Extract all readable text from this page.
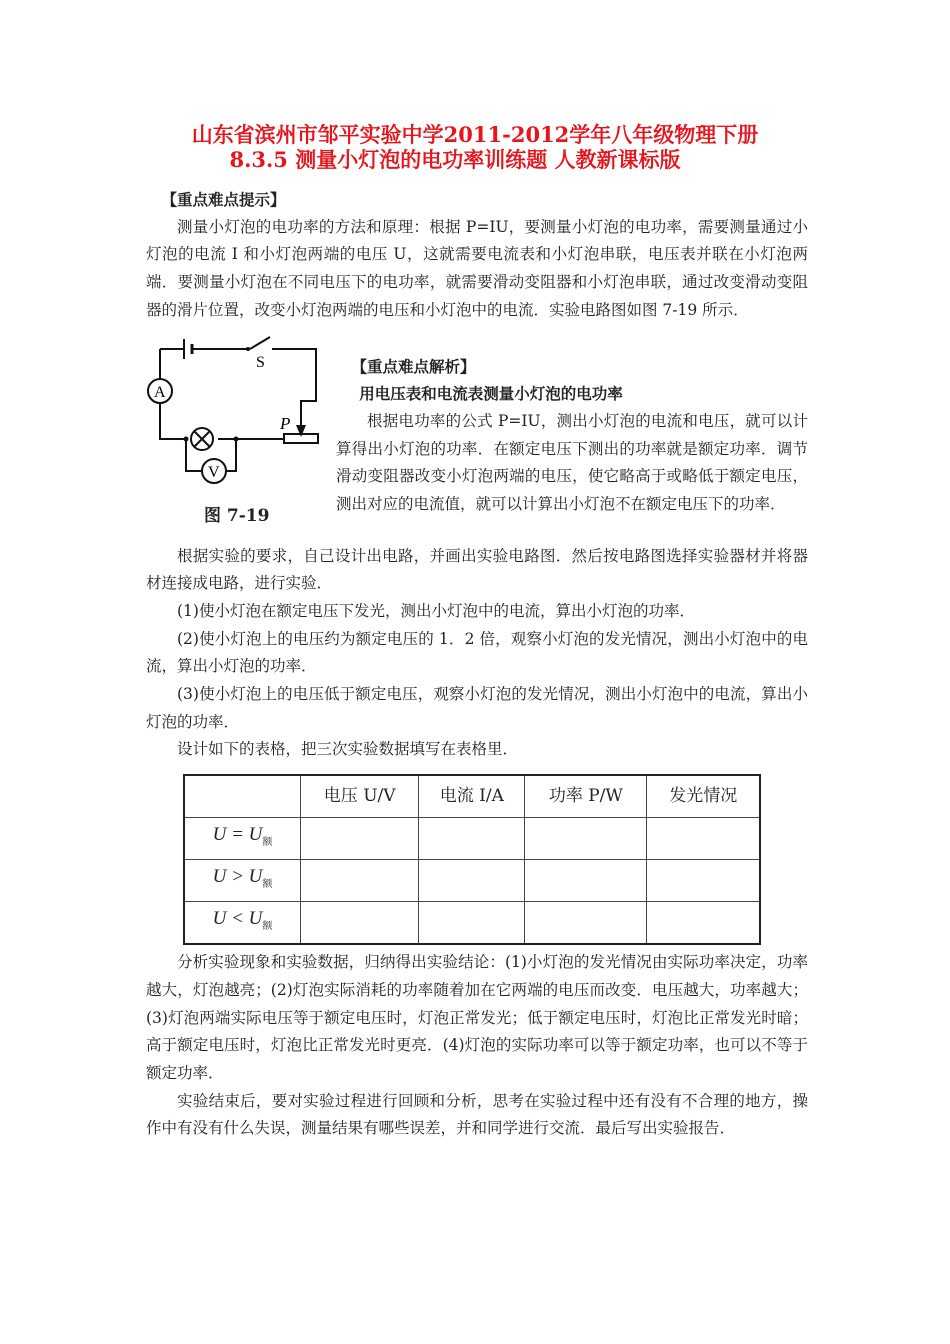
山东省滨州市邹平实验中学2011-2012学年八年级物理下册
8.3.5 测量小灯泡的电功率训练题 人教新课标版

【重点难点提示】

测量小灯泡的电功率的方法和原理：根据 P=IU，要测量小灯泡的电功率，需要测量通过小灯泡的电流 I 和小灯泡两端的电压 U，这就需要电流表和小灯泡串联，电压表并联在小灯泡两端．要测量小灯泡在不同电压下的电功率，就需要滑动变阻器和小灯泡串联，通过改变滑动变阻器的滑片位置，改变小灯泡两端的电压和小灯泡中的电流．实验电路图如图 7-19 所示．

S
A
V
P
图 7-19

【重点难点解析】

用电压表和电流表测量小灯泡的电功率

根据电功率的公式 P=IU，测出小灯泡的电流和电压，就可以计算得出小灯泡的功率．在额定电压下测出的功率就是额定功率．调节滑动变阻器改变小灯泡两端的电压，使它略高于或略低于额定电压，测出对应的电流值，就可以计算出小灯泡不在额定电压下的功率．

根据实验的要求，自己设计出电路，并画出实验电路图．然后按电路图选择实验器材并将器材连接成电路，进行实验．

(1)使小灯泡在额定电压下发光，测出小灯泡中的电流，算出小灯泡的功率．

(2)使小灯泡上的电压约为额定电压的 1．2 倍，观察小灯泡的发光情况，测出小灯泡中的电流，算出小灯泡的功率．

(3)使小灯泡上的电压低于额定电压，观察小灯泡的发光情况，测出小灯泡中的电流，算出小灯泡的功率．

设计如下的表格，把三次实验数据填写在表格里．

	电压 U/V	电流 I/A	功率 P/W	发光情况
$U = U_额$				
$U > U_额$				
$U < U_额$				

分析实验现象和实验数据，归纳得出实验结论：(1)小灯泡的发光情况由实际功率决定，功率越大，灯泡越亮；(2)灯泡实际消耗的功率随着加在它两端的电压而改变．电压越大，功率越大；(3)灯泡两端实际电压等于额定电压时，灯泡正常发光；低于额定电压时，灯泡比正常发光时暗；高于额定电压时，灯泡比正常发光时更亮．(4)灯泡的实际功率可以等于额定功率，也可以不等于额定功率．

实验结束后，要对实验过程进行回顾和分析，思考在实验过程中还有没有不合理的地方，操作中有没有什么失误，测量结果有哪些误差，并和同学进行交流．最后写出实验报告．
